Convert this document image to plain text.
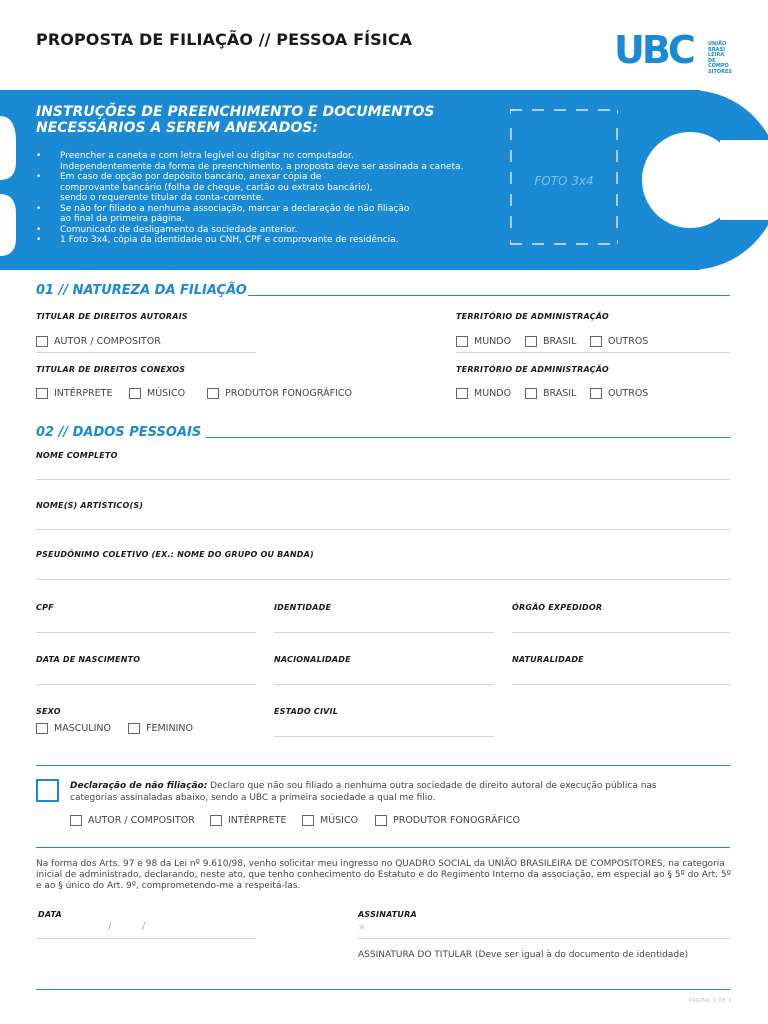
PROPOSTA DE FILIAÇÃO // PESSOA FÍSICA	UBC	UNIÃO BRASI LEIRA DE COMPO SITORES
INSTRUÇÕES DE PREENCHIMENTO E DOCUMENTOS NECESSÁRIOS A SEREM ANEXADOS:
• Preencher a caneta e com letra legível ou digitar no computador.
Independentemente da forma de preenchimento, a proposta deve ser assinada a caneta.
• Em caso de opção por depósito bancário, anexar cópia de
comprovante bancário (folha de cheque, cartão ou extrato bancário),
sendo o requerente titular da conta-corrente.
• Se não for filiado a nenhuma associação, marcar a declaração de não filiação
ao final da primeira página.
• Comunicado de desligamento da sociedade anterior.
• 1 Foto 3x4, cópia da identidade ou CNH, CPF e comprovante de residência.
FOTO 3x4
01 // NATUREZA DA FILIAÇÃO
TITULAR DE DIREITOS AUTORAIS
AUTOR / COMPOSITOR
TERRITÓRIO DE ADMINISTRAÇÃO
MUNDO	BRASIL	OUTROS
TITULAR DE DIREITOS CONEXOS
INTÉRPRETE	MÚSICO	PRODUTOR FONOGRÁFICO
TERRITÓRIO DE ADMINISTRAÇÃO
MUNDO	BRASIL	OUTROS
02 // DADOS PESSOAIS
NOME COMPLETO
NOME(S) ARTÍSTICO(S)
PSEUDÔNIMO COLETIVO (EX.: NOME DO GRUPO OU BANDA)
CPF	IDENTIDADE	ÓRGÃO EXPEDIDOR
DATA DE NASCIMENTO	NACIONALIDADE	NATURALIDADE
SEXO
MASCULINO	FEMININO
ESTADO CIVIL
Declaração de não filiação: Declaro que não sou filiado a nenhuma outra sociedade de direito autoral de execução pública nas categorias assinaladas abaixo, sendo a UBC a primeira sociedade a qual me filio.
AUTOR / COMPOSITOR	INTÉRPRETE	MÚSICO	PRODUTOR FONOGRÁFICO
Na forma dos Arts. 97 e 98 da Lei nº 9.610/98, venho solicitar meu ingresso no QUADRO SOCIAL da UNIÃO BRASILEIRA DE COMPOSITORES, na categoria inicial de administrado, declarando, neste ato, que tenho conhecimento do Estatuto e do Regimento Interno da associação, em especial ao § 5º do Art. 5º e ao § único do Art. 9º, comprometendo-me a respeitá-las.
DATA
/	/
ASSINATURA
×
ASSINATURA DO TITULAR (Deve ser igual à do documento de identidade)
PÁGINA 1 DE 2
